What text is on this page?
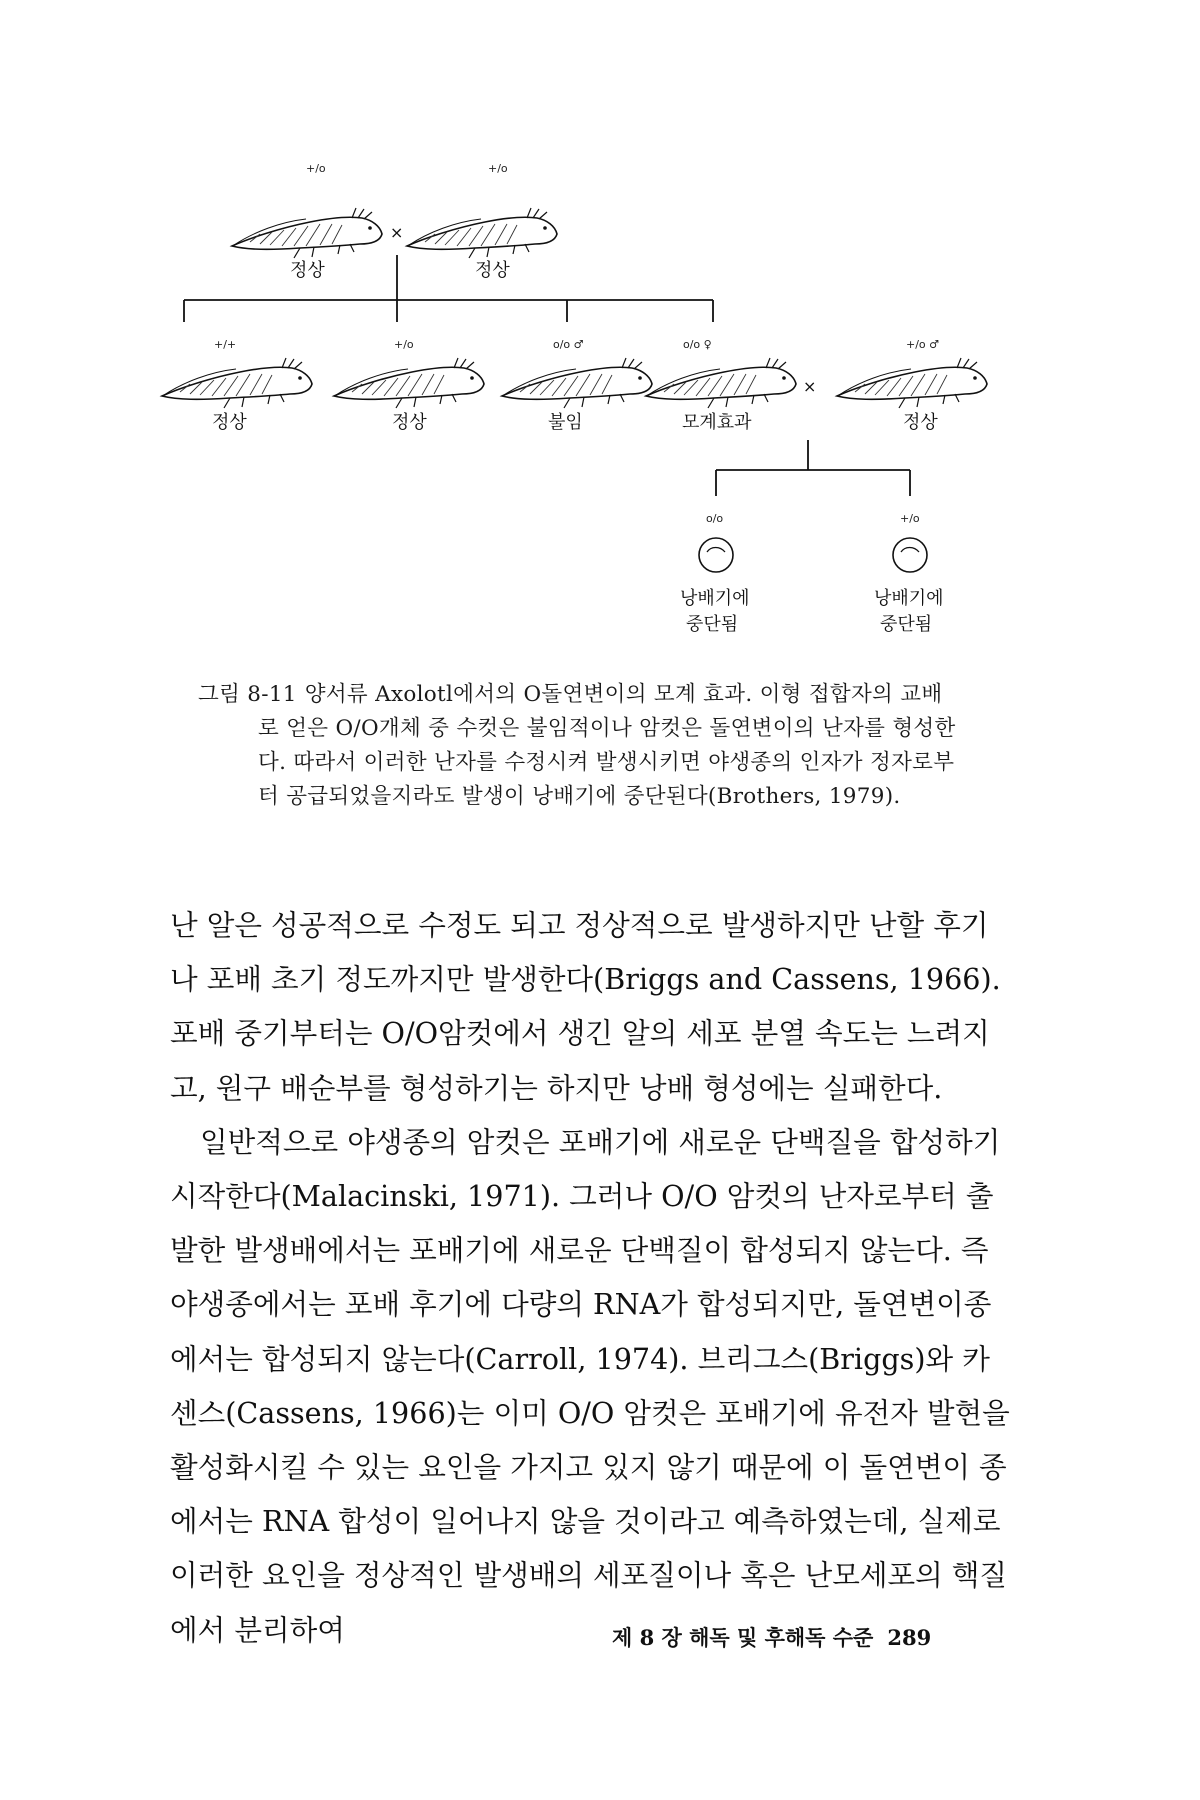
+/o	+/o
×
정상	정상
+/+	+/o	o/o ♂	o/o ♀	+/o ♂
×
정상	정상	불임	모계효과	정상
o/o	+/o
낭배기에
중단됨
낭배기에
중단됨
그림 8-11 양서류 Axolotl에서의 O돌연변이의 모계 효과. 이형 접합자의 교배
로 얻은 O/O개체 중 수컷은 불임적이나 암컷은 돌연변이의 난자를 형성한
다. 따라서 이러한 난자를 수정시켜 발생시키면 야생종의 인자가 정자로부
터 공급되었을지라도 발생이 낭배기에 중단된다(Brothers, 1979).

난 알은 성공적으로 수정도 되고 정상적으로 발생하지만 난할 후기나 포배 초기 정도까지만 발생한다(Briggs and Cassens, 1966). 포배 중기부터는 O/O암컷에서 생긴 알의 세포 분열 속도는 느려지고, 원구 배순부를 형성하기는 하지만 낭배 형성에는 실패한다.

일반적으로 야생종의 암컷은 포배기에 새로운 단백질을 합성하기 시작한다(Malacinski, 1971). 그러나 O/O 암컷의 난자로부터 출발한 발생배에서는 포배기에 새로운 단백질이 합성되지 않는다. 즉 야생종에서는 포배 후기에 다량의 RNA가 합성되지만, 돌연변이종에서는 합성되지 않는다(Carroll, 1974). 브리그스(Briggs)와 카센스(Cassens, 1966)는 이미 O/O 암컷은 포배기에 유전자 발현을 활성화시킬 수 있는 요인을 가지고 있지 않기 때문에 이 돌연변이 종에서는 RNA 합성이 일어나지 않을 것이라고 예측하였는데, 실제로 이러한 요인을 정상적인 발생배의 세포질이나 혹은 난모세포의 핵질에서 분리하여	제 8 장 해독 및 후해독 수준 289
